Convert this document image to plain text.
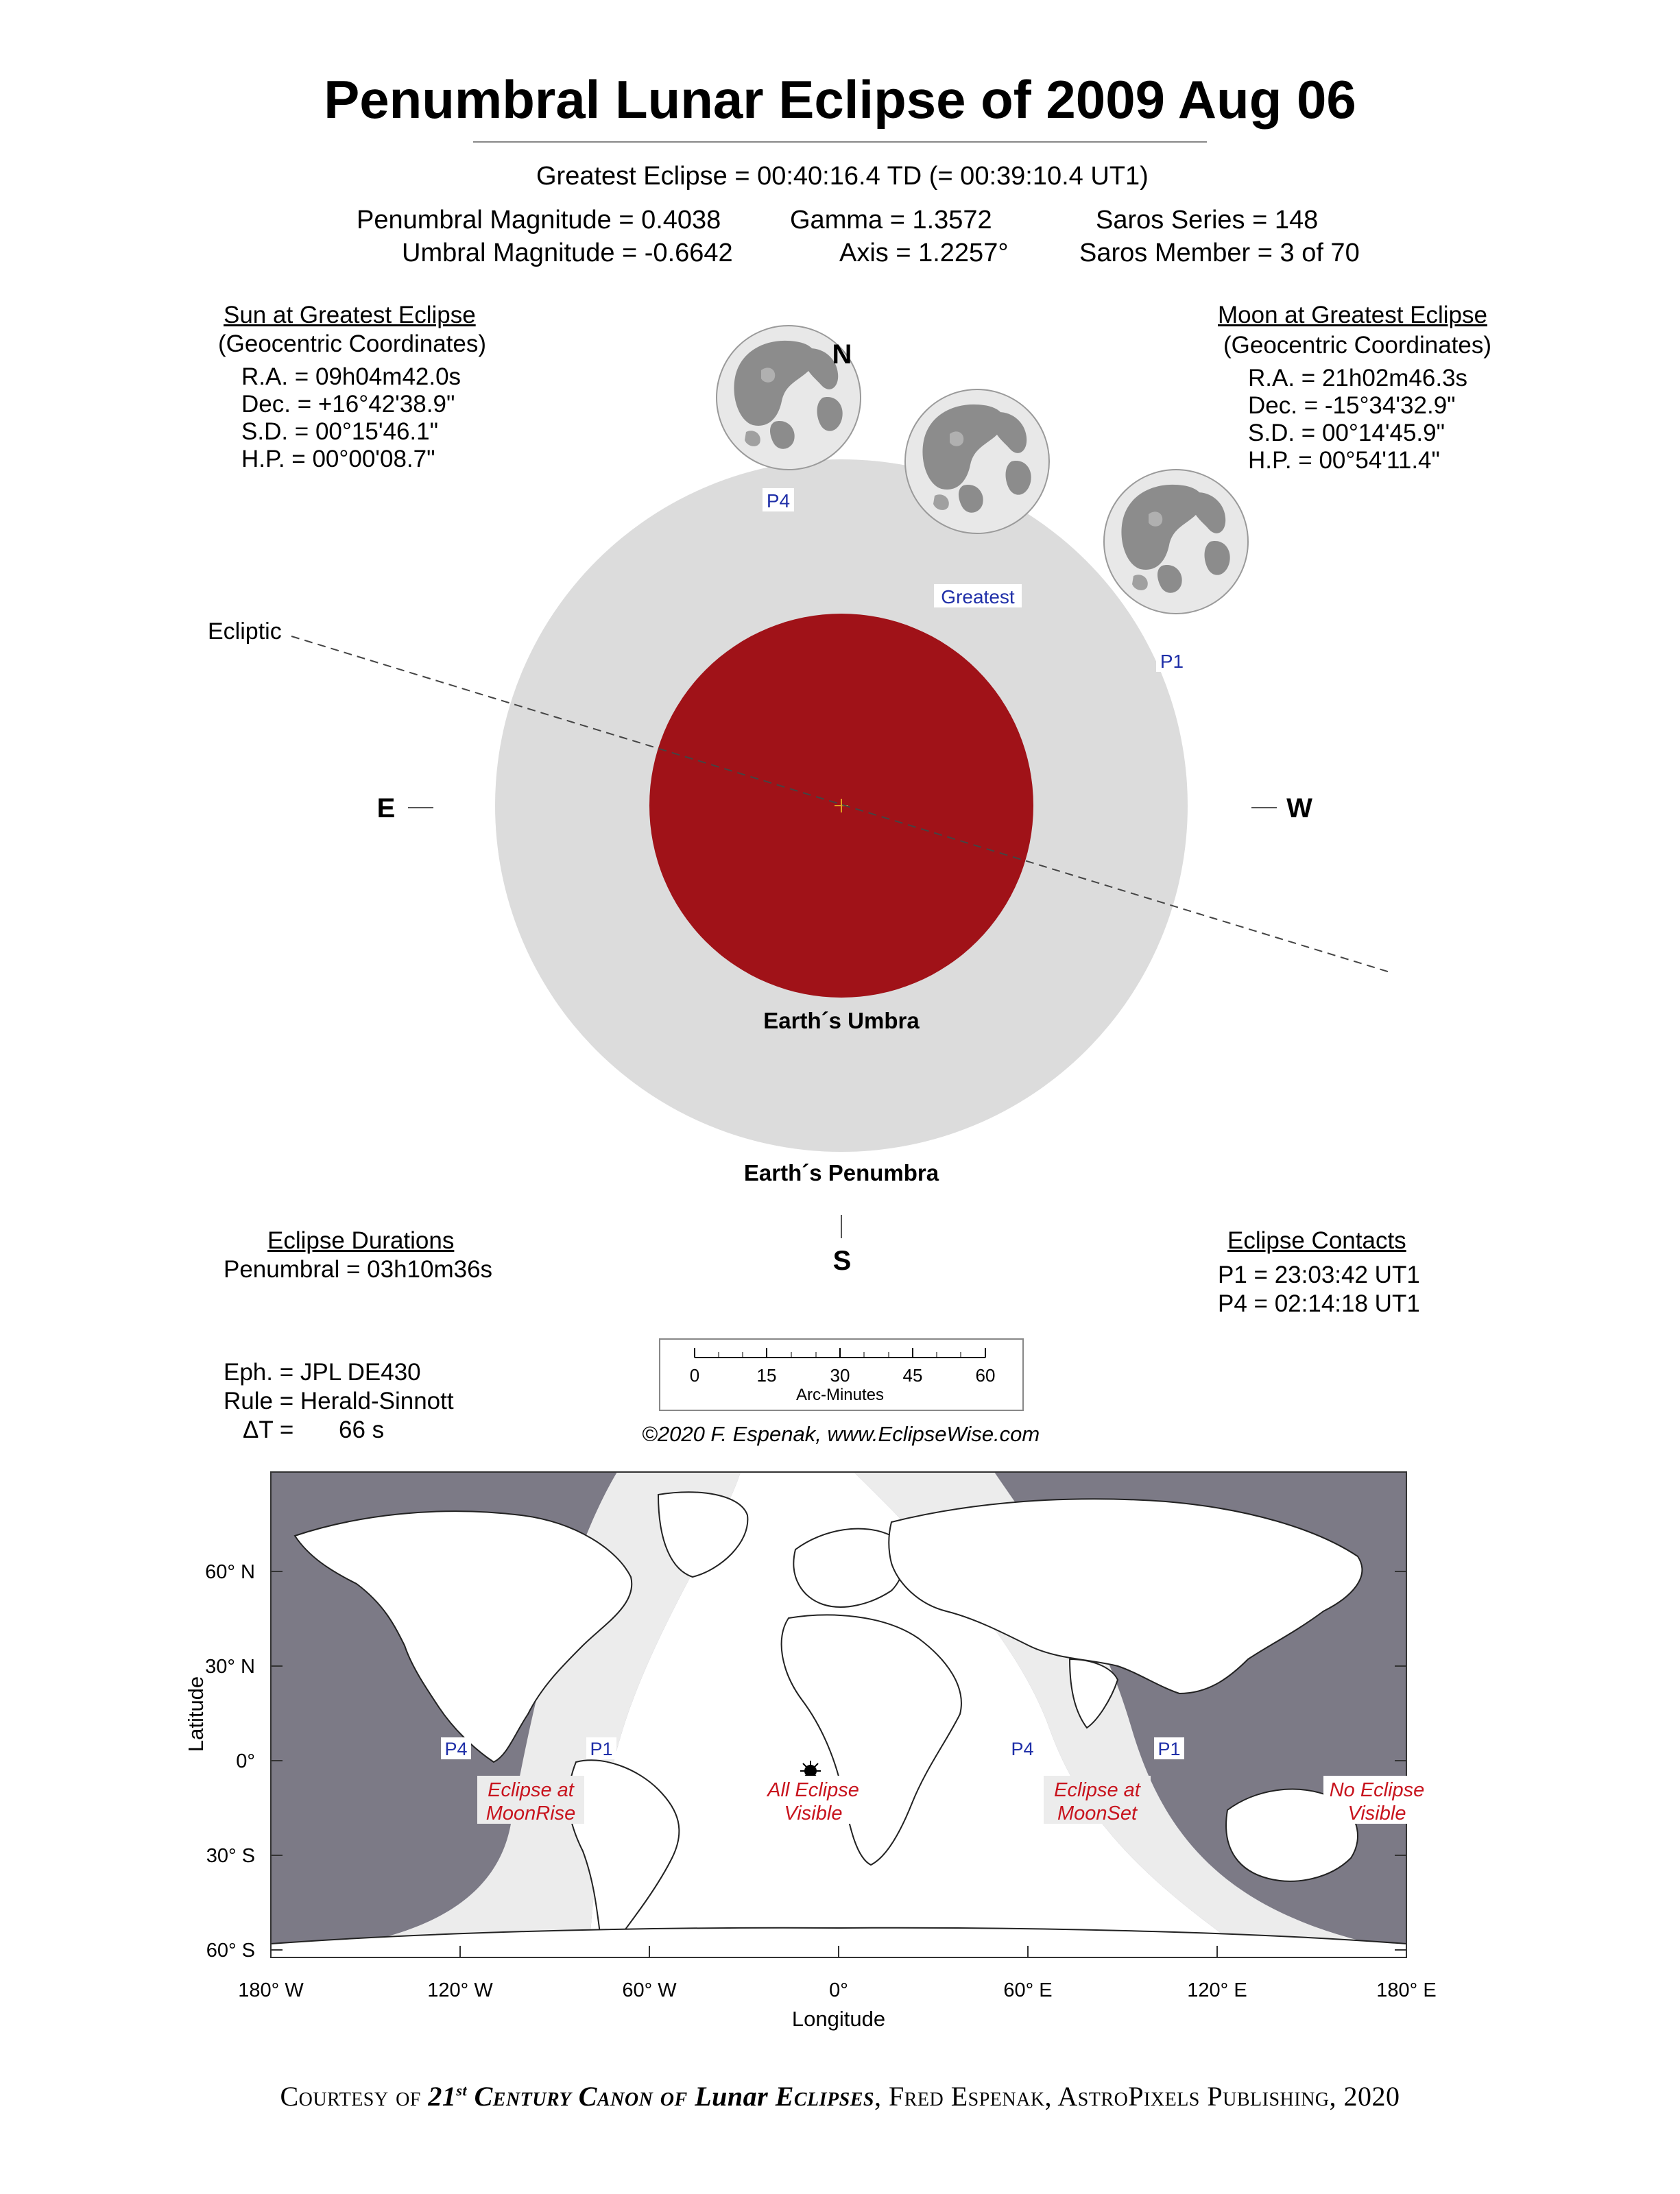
Penumbral Lunar Eclipse of 2009 Aug 06
Greatest Eclipse = 00:40:16.4 TD (= 00:39:10.4 UT1)
Penumbral Magnitude = 0.4038
Umbral Magnitude = -0.6642
Gamma = 1.3572
Axis = 1.2257°
Saros Series = 148
Saros Member = 3 of 70
Sun at Greatest Eclipse
(Geocentric Coordinates)
R.A. = 09h04m42.0s
Dec. = +16°42'38.9"
S.D. = 00°15'46.1"
H.P. = 00°00'08.7"
Moon at Greatest Eclipse
(Geocentric Coordinates)
R.A. = 21h02m46.3s
Dec. = -15°34'32.9"
S.D. = 00°14'45.9"
H.P. = 00°54'11.4"
P4
Greatest
P1
N
S
E	W
Ecliptic
Earth´s Umbra
Earth´s Penumbra
0	15	30	45	60
Arc-Minutes
Eclipse Durations
Penumbral = 03h10m36s
Eclipse Contacts
P1 = 23:03:42 UT1
P4 = 02:14:18 UT1
Eph. = JPL DE430
Rule = Herald-Sinnott
ΔT = 66 s	©2020 F. Espenak, www.EclipseWise.com
P4	P1	P4	P1
Eclipse at
MoonRise
All Eclipse
Visible
Eclipse at
MoonSet
No Eclipse
Visible
60° N
30° N
0°
30° S
60° S
Latitude
180° W	120° W	60° W	0°	60° E	120° E	180° E
Longitude
Courtesy of 21st Century Canon of Lunar Eclipses, Fred Espenak, AstroPixels Publishing, 2020
